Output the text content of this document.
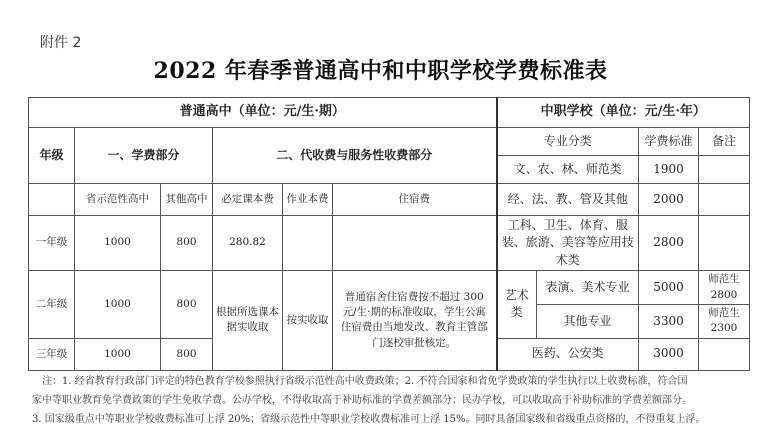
附件 2
2022 年春季普通高中和中职学校学费标准表
普通高中（单位：元/生·期）						中职学校（单位：元/生·年）			
年级	一、学费部分		二、代收费与服务性收费部分			专业分类		学费标准	备注
						文、农、林、师范类		1900	
	省示范性高中	其他高中	必定课本费	作业本费	住宿费	经、法、教、管及其他		2000	
一年级	1000	800	280.82			工科、卫生、体育、服装、旅游、美容等应用技术类		2800	
二年级	1000	800	根据所选课本据实收取	按实收取	普通宿舍住宿费按不超过 300 元/生·期的标准收取，学生公寓住宿费由当地发改、教育主管部门逐校审批核定。	艺术类	表演、美术专业	5000	师范生 2800
							其他专业	3300	师范生 2300
三年级	1000	800				医药、公安类		3000	
注：1. 经省教育行政部门评定的特色教育学校参照执行省级示范性高中收费政策；2. 不符合国家和省免学费政策的学生执行以上收费标准，符合国
家中等职业教育免学费政策的学生免收学费。公办学校，不得收取高于补助标准的学费差额部分；民办学校，可以收取高于补助标准的学费差额部分。
3. 国家级重点中等职业学校收费标准可上浮 20%；省级示范性中等职业学校收费标准可上浮 15%。同时具备国家级和省级重点资格的，不得重复上浮。
